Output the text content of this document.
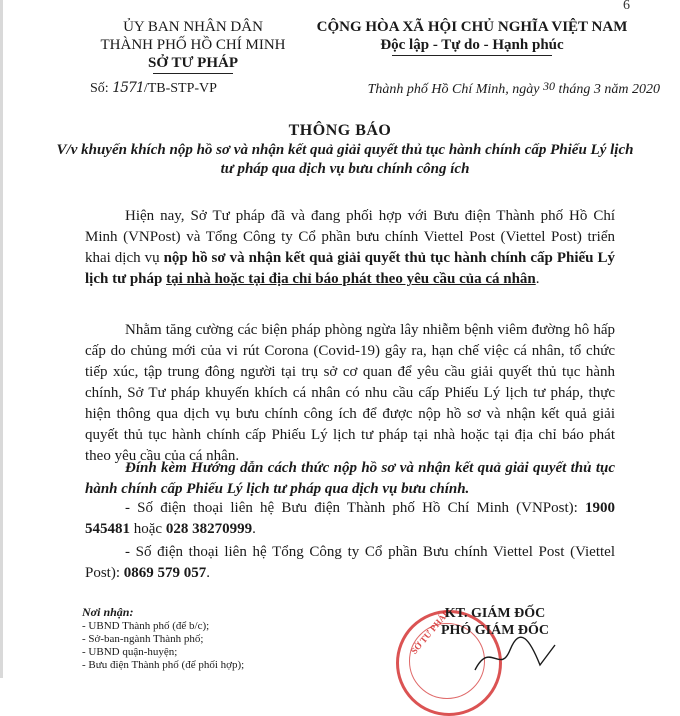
6
ỦY BAN NHÂN DÂN
THÀNH PHỐ HỒ CHÍ MINH
SỞ TƯ PHÁP
Số: 1571/TB-STP-VP
CỘNG HÒA XÃ HỘI CHỦ NGHĨA VIỆT NAM
Độc lập - Tự do - Hạnh phúc
Thành phố Hồ Chí Minh, ngày 30 tháng 3 năm 2020
THÔNG BÁO
V/v khuyến khích nộp hồ sơ và nhận kết quả giải quyết thủ tục hành chính cấp Phiếu Lý lịch tư pháp qua dịch vụ bưu chính công ích
Hiện nay, Sở Tư pháp đã và đang phối hợp với Bưu điện Thành phố Hồ Chí Minh (VNPost) và Tổng Công ty Cổ phần bưu chính Viettel Post (Viettel Post) triển khai dịch vụ nộp hồ sơ và nhận kết quả giải quyết thủ tục hành chính cấp Phiếu Lý lịch tư pháp tại nhà hoặc tại địa chỉ báo phát theo yêu cầu của cá nhân.
Nhằm tăng cường các biện pháp phòng ngừa lây nhiễm bệnh viêm đường hô hấp cấp do chủng mới của vi rút Corona (Covid-19) gây ra, hạn chế việc cá nhân, tổ chức tiếp xúc, tập trung đông người tại trụ sở cơ quan để yêu cầu giải quyết thủ tục hành chính, Sở Tư pháp khuyến khích cá nhân có nhu cầu cấp Phiếu Lý lịch tư pháp, thực hiện thông qua dịch vụ bưu chính công ích để được nộp hồ sơ và nhận kết quả giải quyết thủ tục hành chính cấp Phiếu Lý lịch tư pháp tại nhà hoặc tại địa chỉ báo phát theo yêu cầu của cá nhân.
Đính kèm Hướng dẫn cách thức nộp hồ sơ và nhận kết quả giải quyết thủ tục hành chính cấp Phiếu Lý lịch tư pháp qua dịch vụ bưu chính.
- Số điện thoại liên hệ Bưu điện Thành phố Hồ Chí Minh (VNPost): 1900 545481 hoặc 028 38270999.
- Số điện thoại liên hệ Tổng Công ty Cổ phần Bưu chính Viettel Post (Viettel Post): 0869 579 057.
Nơi nhận:
- UBND Thành phố (để b/c);
- Sở-ban-ngành Thành phố;
- UBND quận-huyện;
- Bưu điện Thành phố (để phối hợp);
SỞ TƯ PHÁP
KT. GIÁM ĐỐC
PHÓ GIÁM ĐỐC
